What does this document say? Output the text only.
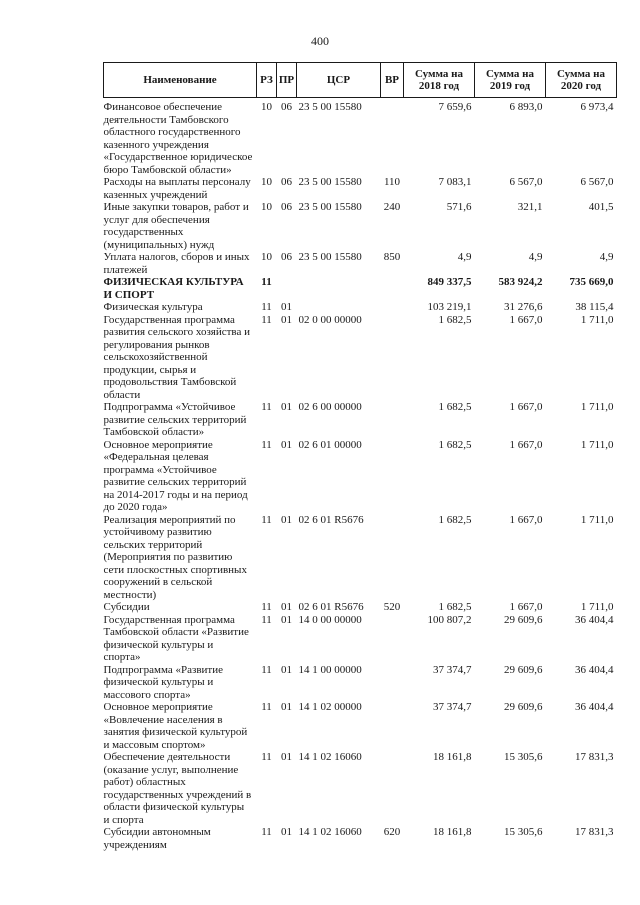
400
Наименование	РЗ	ПР	ЦСР	ВР	Сумма на 2018 год	Сумма на 2019 год	Сумма на 2020 год
Финансовое обеспечение деятельности Тамбовского областного государственного казенного учреждения «Государственное юридическое бюро Тамбовской области»	10	06	23 5 00 15580		7 659,6	6 893,0	6 973,4
Расходы на выплаты персоналу казенных учреждений	10	06	23 5 00 15580	110	7 083,1	6 567,0	6 567,0
Иные закупки товаров, работ и услуг для обеспечения государственных (муниципальных) нужд	10	06	23 5 00 15580	240	571,6	321,1	401,5
Уплата налогов, сборов и иных платежей	10	06	23 5 00 15580	850	4,9	4,9	4,9
ФИЗИЧЕСКАЯ КУЛЬТУРА И СПОРТ	11				849 337,5	583 924,2	735 669,0
Физическая культура	11	01			103 219,1	31 276,6	38 115,4
Государственная программа развития сельского хозяйства и регулирования рынков сельскохозяйственной продукции, сырья и продовольствия Тамбовской области	11	01	02 0 00 00000		1 682,5	1 667,0	1 711,0
Подпрограмма «Устойчивое развитие сельских территорий Тамбовской области»	11	01	02 6 00 00000		1 682,5	1 667,0	1 711,0
Основное мероприятие «Федеральная целевая программа «Устойчивое развитие сельских территорий на 2014-2017 годы и на период до 2020 года»	11	01	02 6 01 00000		1 682,5	1 667,0	1 711,0
Реализация мероприятий по устойчивому развитию сельских территорий (Мероприятия по развитию сети плоскостных спортивных сооружений в сельской местности)	11	01	02 6 01 R5676		1 682,5	1 667,0	1 711,0
Субсидии	11	01	02 6 01 R5676	520	1 682,5	1 667,0	1 711,0
Государственная программа Тамбовской области «Развитие физической культуры и спорта»	11	01	14 0 00 00000		100 807,2	29 609,6	36 404,4
Подпрограмма «Развитие физической культуры и массового спорта»	11	01	14 1 00 00000		37 374,7	29 609,6	36 404,4
Основное мероприятие «Вовлечение населения в занятия физической культурой и массовым спортом»	11	01	14 1 02 00000		37 374,7	29 609,6	36 404,4
Обеспечение деятельности (оказание услуг, выполнение работ) областных государственных учреждений в области физической культуры и спорта	11	01	14 1 02 16060		18 161,8	15 305,6	17 831,3
Субсидии автономным учреждениям	11	01	14 1 02 16060	620	18 161,8	15 305,6	17 831,3
